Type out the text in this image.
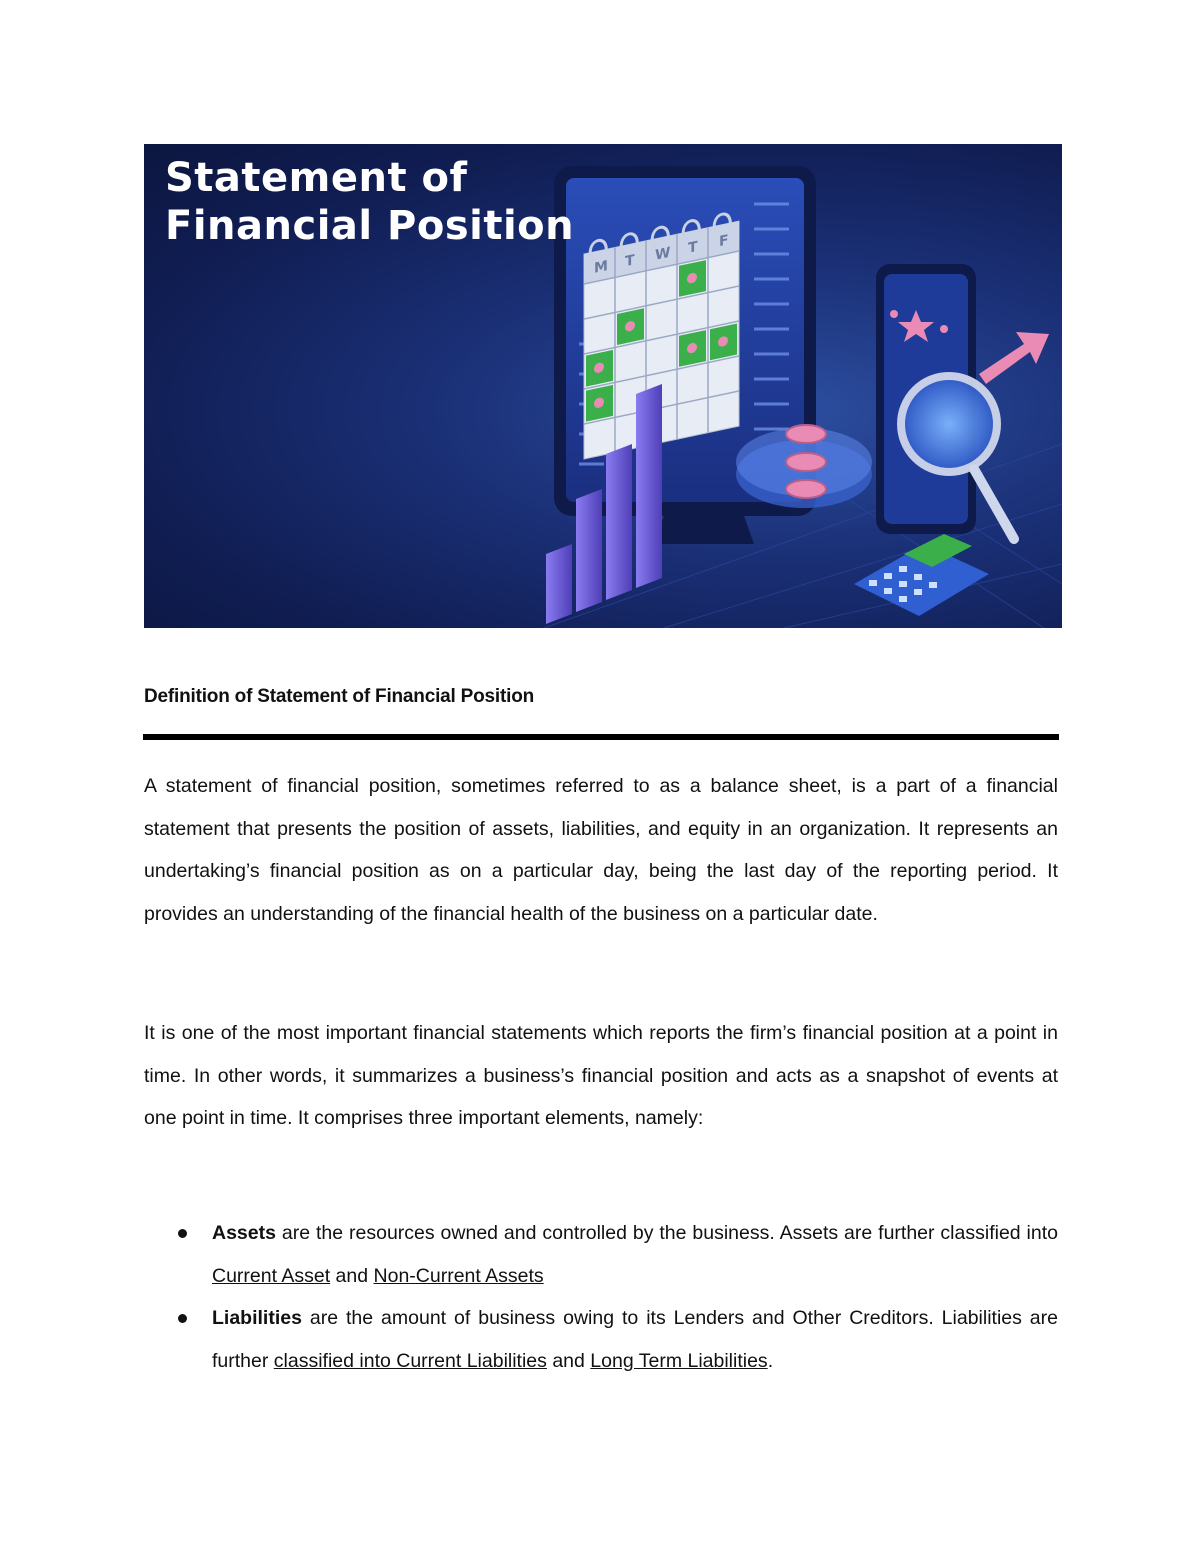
M T W T F
Statement of
Financial Position
Definition of Statement of Financial Position

A statement of financial position, sometimes referred to as a balance sheet, is a part of a financial statement that presents the position of assets, liabilities, and equity in an organization. It represents an undertaking’s financial position as on a particular day, being the last day of the reporting period. It provides an understanding of the financial health of the business on a particular date.

It is one of the most important financial statements which reports the firm’s financial position at a point in time. In other words, it summarizes a business’s financial position and acts as a snapshot of events at one point in time. It comprises three important elements, namely:

Assets are the resources owned and controlled by the business. Assets are further classified into Current Asset and Non-Current Assets
Liabilities are the amount of business owing to its Lenders and Other Creditors. Liabilities are further classified into Current Liabilities and Long Term Liabilities.
